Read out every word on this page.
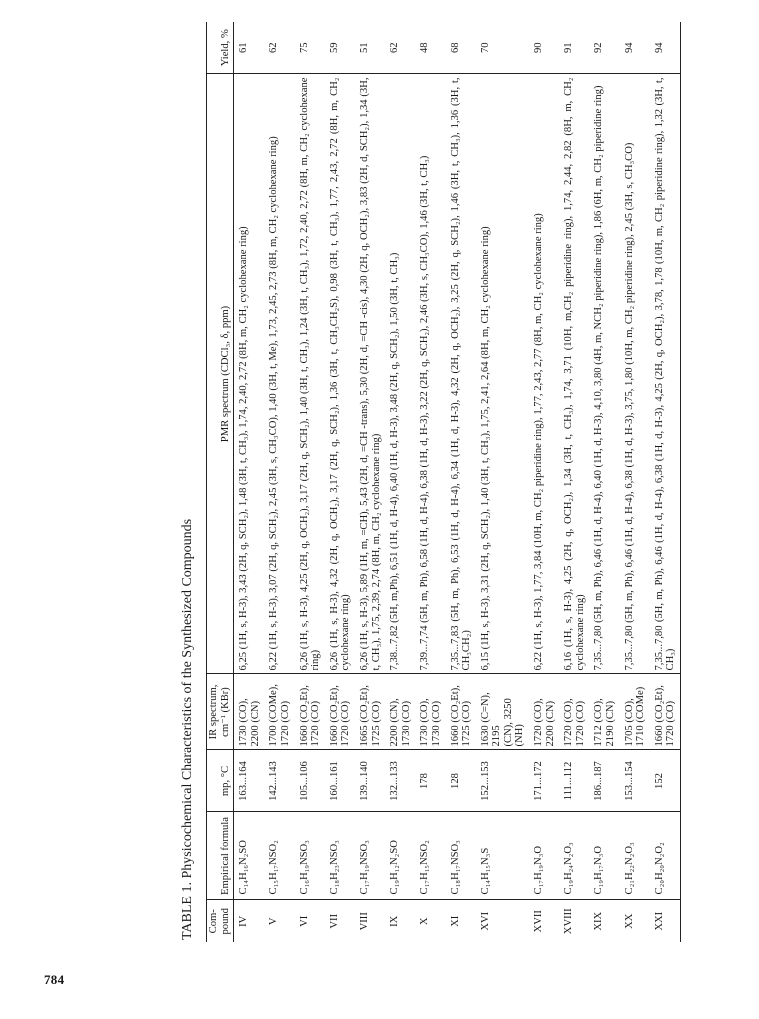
784
TABLE 1. Physicochemical Characteristics of the Synthesized Compounds Com- pound	Empirical formula	mp, °C	IR spectrum, cm⁻¹ (KBr)	PMR spectrum (CDCl₃, δ, ppm)	Yield, %
IV	C₁₄H₁₆N₂SO	163...164	1730 (CO),
2200 (CN)	6,25 (1H, s, H-3), 3,43 (2H, q, SCH₂), 1,48 (3H, t, CH₃), 1,74, 2,40, 2,72 (8H, m, CH₂ cyclohexane ring)	61
V	C₁₅H₁₇NSO₂	142...143	1700 (COMe),
1720 (CO)	6,22 (1H, s, H-3), 3,07 (2H, q, SCH₂), 2,45 (3H, s, CH₃CO), 1,40 (3H, t, Me), 1,73, 2,45, 2,73 (8H, m, CH₂ cyclohexane ring)	62
VI	C₁₆H₁₉NSO₃	105...106	1660 (CO₂Et),
1720 (CO)	6,26 (1H, s, H-3), 4,25 (2H, q, OCH₂), 3,17 (2H, q, SCH₂), 1,40 (3H, t, CH₃), 1,24 (3H, t, CH₃), 1,72, 2,40, 2,72 (8H, m, CH₂ cyclohexane ring)	75
VII	C₁₈H₂₃NSO₃	160...161	1660 (CO₂Et),
1720 (CO)	6,26 (1H, s, H-3), 4,32 (2H, q, OCH₂), 3,17 (2H, q, SCH₂), 1,36 (3H, t, CH₃CH₂S), 0,98 (3H, t, CH₃), 1,77, 2,43, 2,72 (8H, m, CH₂ cyclohexane ring)	59
VIII	C₁₇H₁₉NSO₃	139...140	1665 (CO₂Et),
1725 (CO)	6,26 (1H, s, H-3), 5,89 (1H, m, =CH), 5,43 (2H, d, =CH -trans), 5,30 (2H, d, =CH -cis), 4,30 (2H, q, OCH₂), 3,83 (2H, d, SCH₂), 1,34 (3H, t, CH₃), 1,75, 2,39, 2,74 (8H, m, CH₂ cyclohexane ring)	51
IX	C₁₉H₁₂N₂SO	132...133	2200 (CN),
1730 (CO)	7,38...7,82 (5H, m,Ph), 6,51 (1H, d, H-4), 6,40 (1H, d, H-3), 3,48 (2H, q, SCH₂), 1,50 (3H, t, CH₃)	62
X	C₁₇H₁₅NSO₂	178	1730 (CO),
1730 (CO)	7,39...7,74 (5H, m, Ph), 6,58 (1H, d, H-4), 6,38 (1H, d, H-3), 3,22 (2H, q, SCH₂), 2,46 (3H, s, CH₃CO), 1,46 (3H, t, CH₃)	48
XI	C₁₈H₁₇NSO₃	128	1660 (CO₂Et),
1725 (CO)	7,35...7,83 (5H, m, Ph), 6,53 (1H, d, H-4), 6,34 (1H, d, H-3), 4,32 (2H, q, OCH₂), 3,25 (2H, q, SCH₂), 1,46 (3H, t, CH₃), 1,36 (3H, t, CH₃CH₂)	68
XVI	C₁₄H₁₅N₃S	152...153	1630 (C=N), 2195
(CN), 3250 (NH)	6,15 (1H, s, H-3), 3,31 (2H, q, SCH₂), 1,40 (3H, t, CH₃), 1,75, 2,41, 2,64 (8H, m, CH₂ cyclohexane ring)	70
XVII	C₁₇H₁₉N₃O	171...172	1720 (CO),
2200 (CN)	6,22 (1H, s, H-3), 1,77, 3,84 (10H, m, CH₂ piperidine ring), 1,77, 2,43, 2,77 (8H, m, CH₂ cyclohexane ring)	90
XVIII	C₁₉H₂₄N₂O₃	111...112	1720 (CO),
1720 (CO)	6,16 (1H, s, H-3), 4,25 (2H, q, OCH₂), 1,34 (3H, t, CH₃), 1,74, 3,71 (10H, m,CH₂ piperidine ring), 1,74, 2,44, 2,82 (8H, m, CH₂ cyclohexane ring)	91
XIX	C₁₉H₁₇N₃O	186...187	1712 (CO),
2190 (CN)	7,35...7,80 (5H, m, Ph), 6,46 (1H, d, H-4), 6,40 (1H, d, H-3), 4,10, 3,80 (4H, m, NCH₂ piperidine ring), 1,86 (6H, m, CH₂ piperidine ring)	92
XX	C₂₁H₂₂N₂O₃	153...154	1705 (CO),
1710 (COMe)	7,35...7,80 (5H, m, Ph), 6,46 (1H, d, H-4), 6,38 (1H, d, H-3), 3,75, 1,80 (10H, m, CH₂ piperidine ring), 2,45 (3H, s, CH₃CO)	94
XXI	C₂₀H₂₀N₂O₂	152	1660 (CO₂Et),
1720 (CO)	7,35...7,80 (5H, m, Ph), 6,46 (1H, d, H-4), 6,38 (1H, d, H-3), 4,25 (2H, q, OCH₂), 3,78, 1,78 (10H, m, CH₂ piperidine ring), 1,32 (3H, t, CH₃)	94
